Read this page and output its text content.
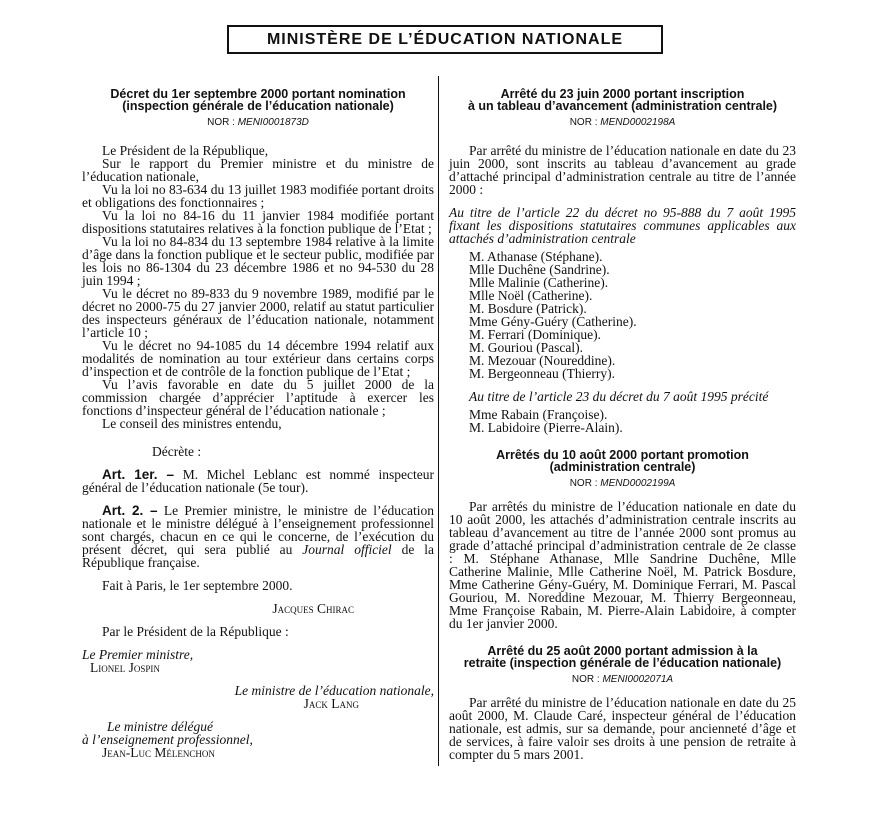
MINISTÈRE DE L’ÉDUCATION NATIONALE
Décret du 1er septembre 2000 portant nomination
(inspection générale de l’éducation nationale)
NOR : MENI0001873D

Le Président de la République,

Sur le rapport du Premier ministre et du ministre de l’éducation nationale,

Vu la loi no 83-634 du 13 juillet 1983 modifiée portant droits et obligations des fonctionnaires ;

Vu la loi no 84-16 du 11 janvier 1984 modifiée portant dispositions statutaires relatives à la fonction publique de l’Etat ;

Vu la loi no 84-834 du 13 septembre 1984 relative à la limite d’âge dans la fonction publique et le secteur public, modifiée par les lois no 86-1304 du 23 décembre 1986 et no 94-530 du 28 juin 1994 ;

Vu le décret no 89-833 du 9 novembre 1989, modifié par le décret no 2000-75 du 27 janvier 2000, relatif au statut particulier des inspecteurs généraux de l’éducation nationale, notamment l’article 10 ;

Vu le décret no 94-1085 du 14 décembre 1994 relatif aux modalités de nomination au tour extérieur dans certains corps d’inspection et de contrôle de la fonction publique de l’Etat ;

Vu l’avis favorable en date du 5 juillet 2000 de la commission chargée d’apprécier l’aptitude à exercer les fonctions d’inspecteur général de l’éducation nationale ;

Le conseil des ministres entendu,

Décrète :

Art. 1er. – M. Michel Leblanc est nommé inspecteur général de l’éducation nationale (5e tour).

Art. 2. – Le Premier ministre, le ministre de l’éducation nationale et le ministre délégué à l’enseignement professionnel sont chargés, chacun en ce qui le concerne, de l’exécution du présent décret, qui sera publié au Journal officiel de la République française.

Fait à Paris, le 1er septembre 2000.

Jacques Chirac

Par le Président de la République :

Le Premier ministre,

Lionel Jospin

Le ministre de l’éducation nationale,

Jack Lang

Le ministre délégué

à l’enseignement professionnel,

Jean-Luc Mélenchon

Arrêté du 23 juin 2000 portant inscription
à un tableau d’avancement (administration centrale)
NOR : MEND0002198A

Par arrêté du ministre de l’éducation nationale en date du 23 juin 2000, sont inscrits au tableau d’avancement au grade d’attaché principal d’administration centrale au titre de l’année 2000 :

Au titre de l’article 22 du décret no 95-888 du 7 août 1995 fixant les dispositions statutaires communes applicables aux attachés d’administration centrale

M. Athanase (Stéphane).

Mlle Duchêne (Sandrine).

Mlle Malinie (Catherine).

Mlle Noël (Catherine).

M. Bosdure (Patrick).

Mme Gény-Guéry (Catherine).

M. Ferrari (Dominique).

M. Gouriou (Pascal).

M. Mezouar (Noureddine).

M. Bergeonneau (Thierry).

Au titre de l’article 23 du décret du 7 août 1995 précité

Mme Rabain (Françoise).

M. Labidoire (Pierre-Alain).

Arrêtés du 10 août 2000 portant promotion
(administration centrale)
NOR : MEND0002199A

Par arrêtés du ministre de l’éducation nationale en date du 10 août 2000, les attachés d’administration centrale inscrits au tableau d’avancement au titre de l’année 2000 sont promus au grade d’attaché principal d’administration centrale de 2e classe : M. Stéphane Athanase, Mlle Sandrine Duchêne, Mlle Catherine Malinie, Mlle Catherine Noël, M. Patrick Bosdure, Mme Catherine Gény-Guéry, M. Dominique Ferrari, M. Pascal Gouriou, M. Noreddine Mezouar, M. Thierry Bergeonneau, Mme Françoise Rabain, M. Pierre-Alain Labidoire, à compter du 1er janvier 2000.

Arrêté du 25 août 2000 portant admission à la
retraite (inspection générale de l’éducation nationale)
NOR : MENI0002071A

Par arrêté du ministre de l’éducation nationale en date du 25 août 2000, M. Claude Caré, inspecteur général de l’éducation nationale, est admis, sur sa demande, pour ancienneté d’âge et de services, à faire valoir ses droits à une pension de retraite à compter du 5 mars 2001.
